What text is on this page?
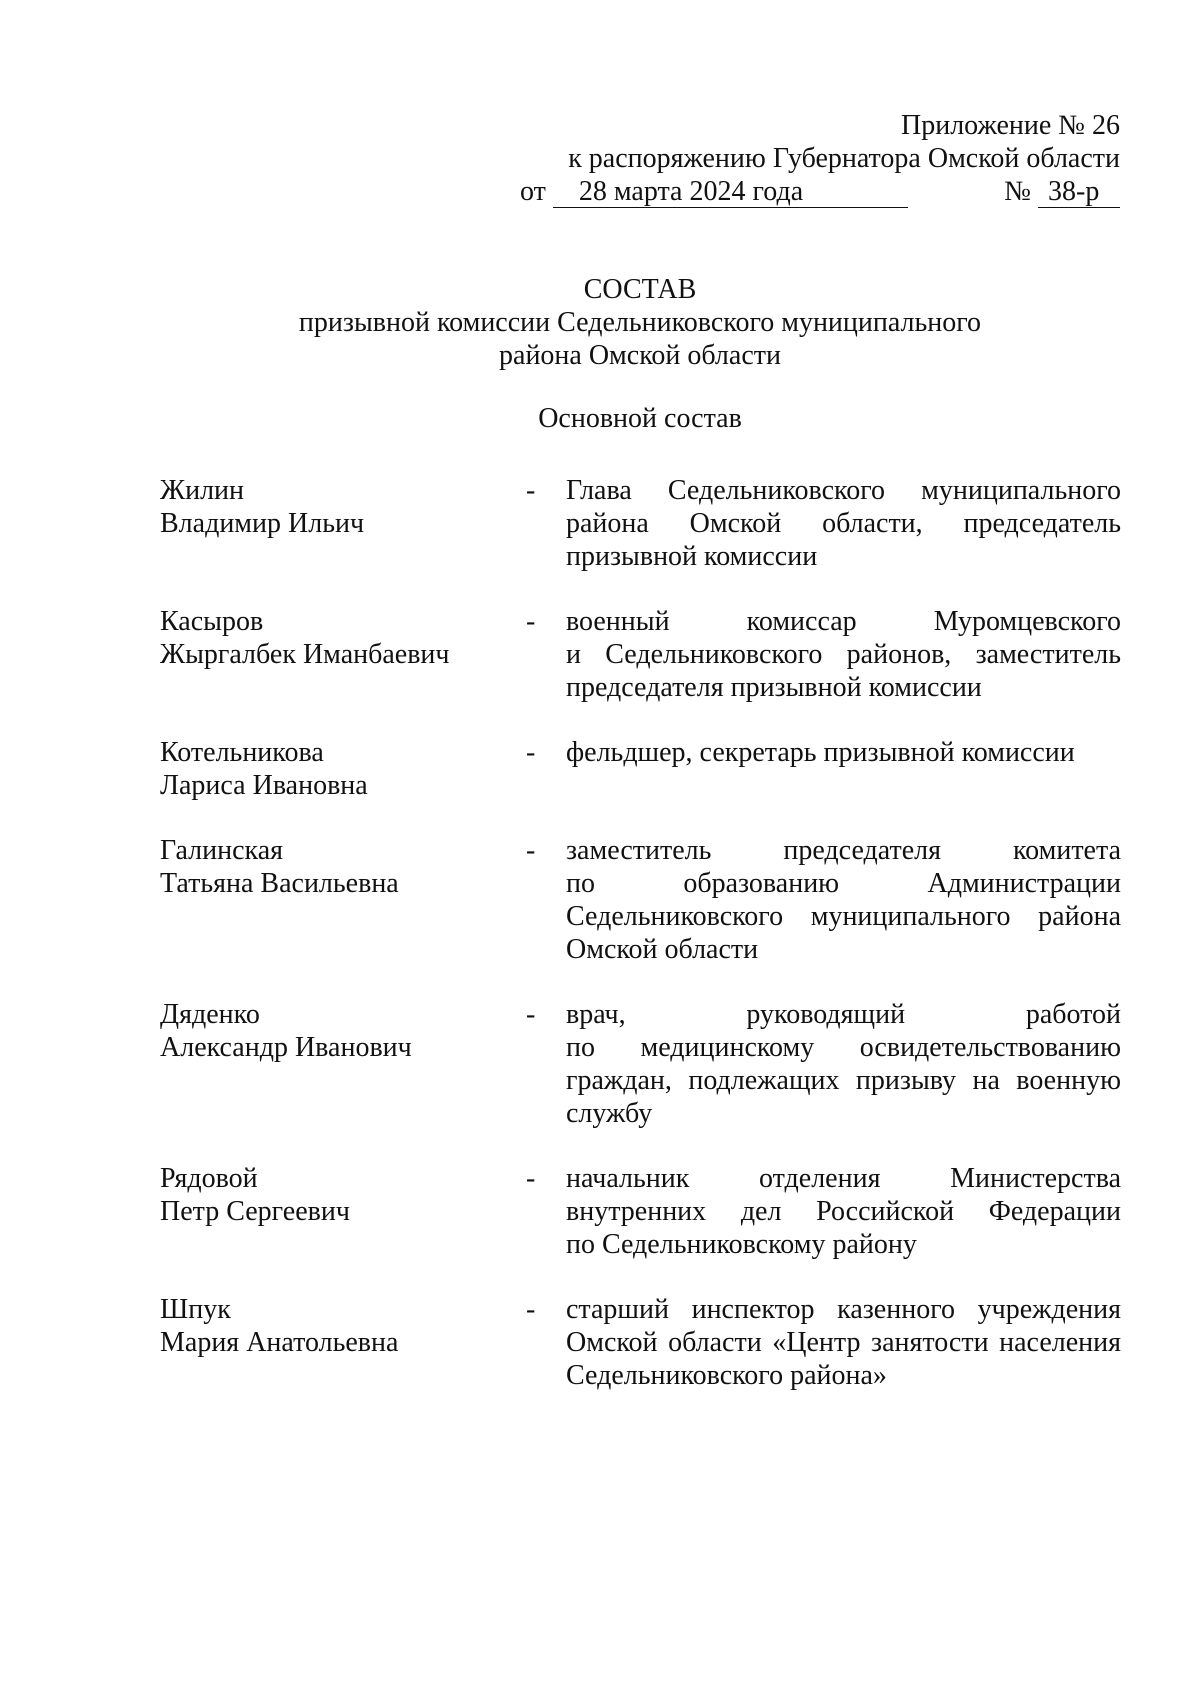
Приложение № 26
к распоряжению Губернатора Омской области
от 28 марта 2024 года	№ 38-р
СОСТАВ
призывной комиссии Седельниковского муниципального
района Омской области
Основной состав
Жилин
Владимир Ильич
- Глава Седельниковского муниципального
района Омской области, председатель
призывной комиссии
Касыров
Жыргалбек Иманбаевич
- военный комиссар Муромцевского
и Седельниковского районов, заместитель
председателя призывной комиссии
Котельникова
Лариса Ивановна
- фельдшер, секретарь призывной комиссии
Галинская
Татьяна Васильевна
- заместитель председателя комитета
по образованию Администрации
Седельниковского муниципального района
Омской области
Дяденко
Александр Иванович
- врач, руководящий работой
по медицинскому освидетельствованию
граждан, подлежащих призыву на военную
службу
Рядовой
Петр Сергеевич
- начальник отделения Министерства
внутренних дел Российской Федерации
по Седельниковскому району
Шпук
Мария Анатольевна
- старший инспектор казенного учреждения
Омской области «Центр занятости населения
Седельниковского района»
